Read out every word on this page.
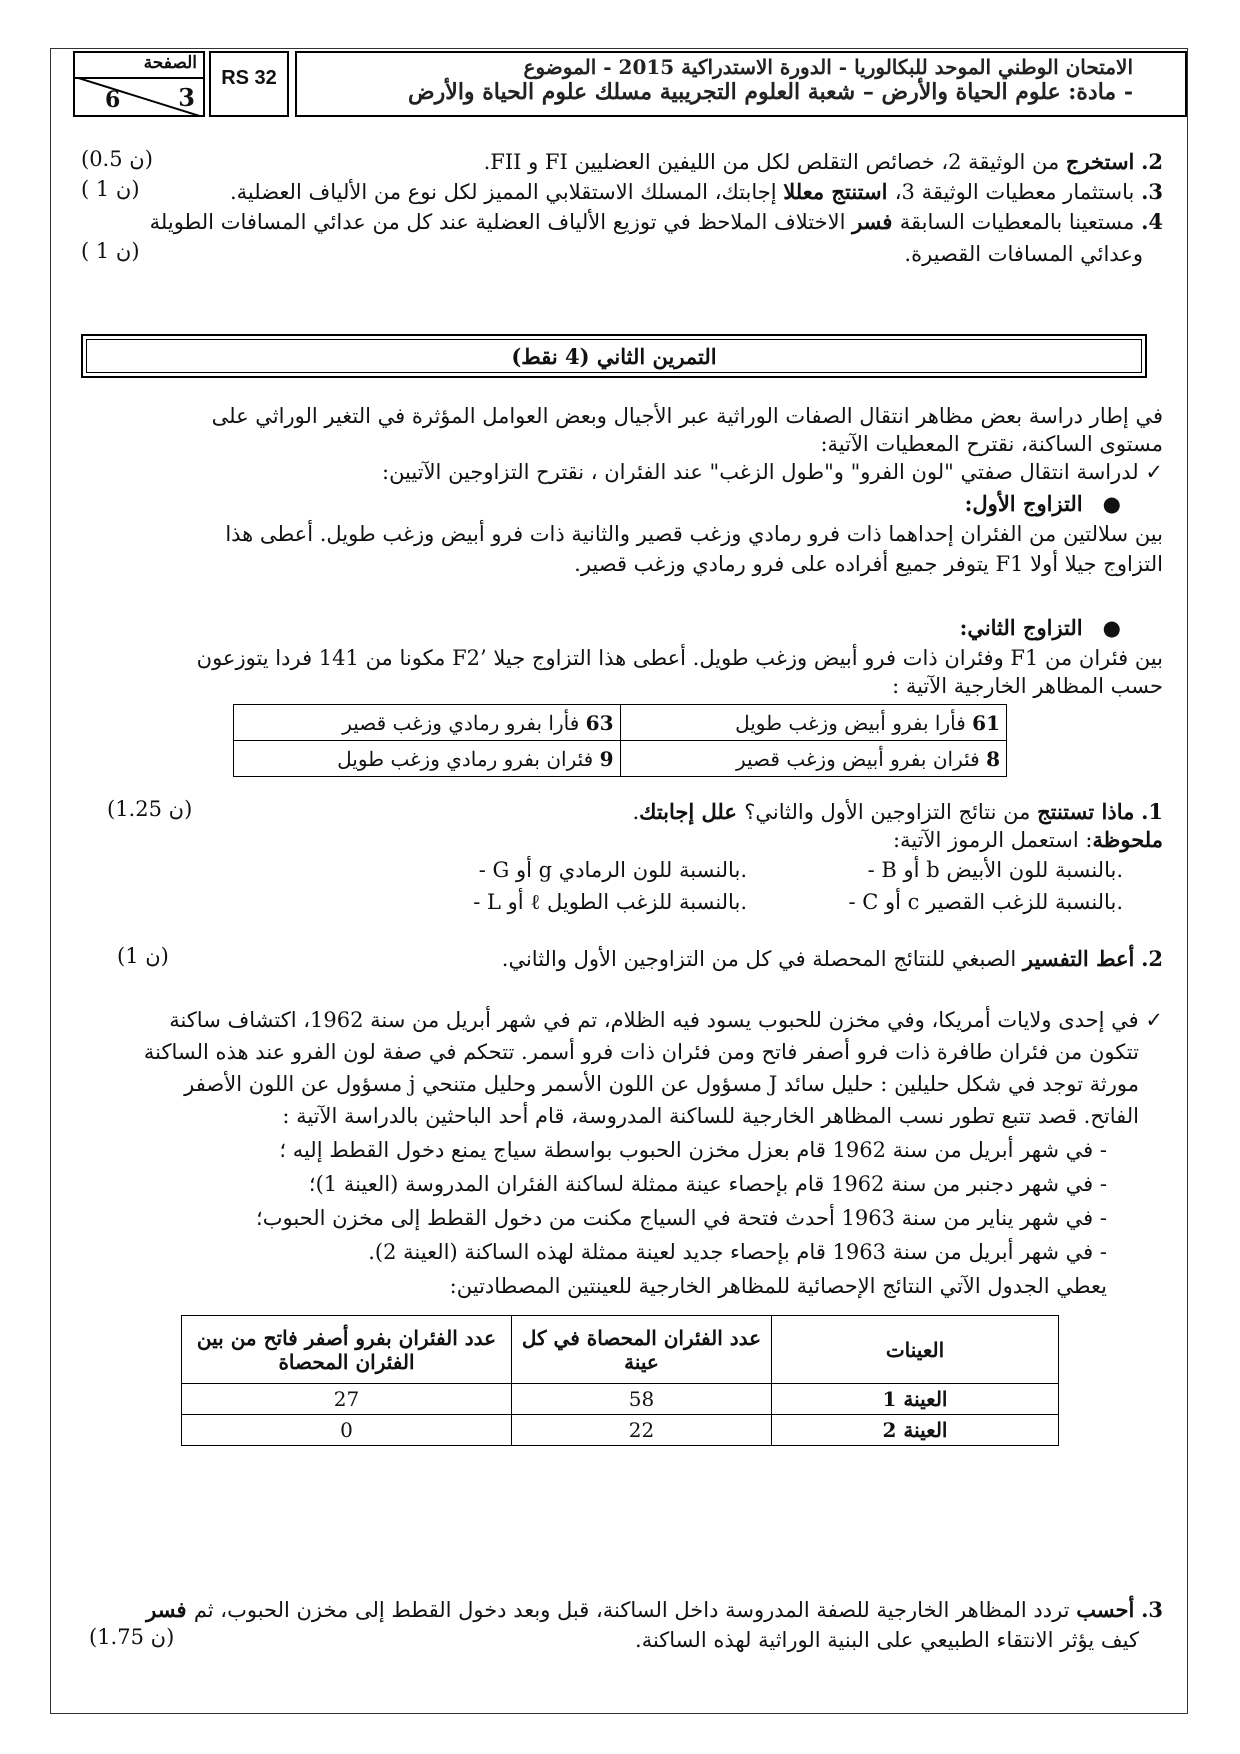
الصفحة
3
6
RS 32	الامتحان الوطني الموحد للبكالوريا - الدورة الاستدراكية 2015 - الموضوع
- مادة: علوم الحياة والأرض – شعبة العلوم التجريبية مسلك علوم الحياة والأرض
2. استخرج من الوثيقة 2، خصائص التقلص لكل من الليفين العضليين FI و FII.
(0.5 ن)
3. باستثمار معطيات الوثيقة 3، استنتج معللا إجابتك، المسلك الاستقلابي المميز لكل نوع من الألياف العضلية.
( 1 ن)
4. مستعينا بالمعطيات السابقة فسر الاختلاف الملاحظ في توزيع الألياف العضلية عند كل من عدائي المسافات الطويلة
وعدائي المسافات القصيرة.
( 1 ن)
التمرين الثاني (4 نقط)
في إطار دراسة بعض مظاهر انتقال الصفات الوراثية عبر الأجيال وبعض العوامل المؤثرة في التغير الوراثي على
مستوى الساكنة، نقترح المعطيات الآتية:
✓ لدراسة انتقال صفتي "لون الفرو" و"طول الزغب" عند الفئران ، نقترح التزاوجين الآتيين:
●   التزاوج الأول:
بين سلالتين من الفئران إحداهما ذات فرو رمادي وزغب قصير والثانية ذات فرو أبيض وزغب طويل. أعطى هذا
التزاوج جيلا أولا F1 يتوفر جميع أفراده على فرو رمادي وزغب قصير.
●   التزاوج الثاني:
بين فئران من F1 وفئران ذات فرو أبيض وزغب طويل. أعطى هذا التزاوج جيلا ’F2 مكونا من 141 فردا يتوزعون
حسب المظاهر الخارجية الآتية :
63 فأرا بفرو رمادي وزغب قصير	61 فأرا بفرو أبيض وزغب طويل
9 فئران بفرو رمادي وزغب طويل	8 فئران بفرو أبيض وزغب قصير
1. ماذا تستنتج من نتائج التزاوجين الأول والثاني؟ علل إجابتك.
(1.25 ن)
ملحوظة: استعمل الرموز الآتية:
- B أو b بالنسبة للون الأبيض.
- G أو g بالنسبة للون الرمادي.
- C أو c بالنسبة للزغب القصير.
- L أو ℓ بالنسبة للزغب الطويل.
2. أعط التفسير الصبغي للنتائج المحصلة في كل من التزاوجين الأول والثاني.
(1 ن)
✓ في إحدى ولايات أمريكا، وفي مخزن للحبوب يسود فيه الظلام، تم في شهر أبريل من سنة 1962، اكتشاف ساكنة
تتكون من فئران طافرة ذات فرو أصفر فاتح ومن فئران ذات فرو أسمر. تتحكم في صفة لون الفرو عند هذه الساكنة
مورثة توجد في شكل حليلين : حليل سائد J مسؤول عن اللون الأسمر وحليل متنحي j مسؤول عن اللون الأصفر
الفاتح. قصد تتبع تطور نسب المظاهر الخارجية للساكنة المدروسة، قام أحد الباحثين بالدراسة الآتية :
- في شهر أبريل من سنة 1962 قام بعزل مخزن الحبوب بواسطة سياج يمنع دخول القطط إليه ؛
- في شهر دجنبر من سنة 1962 قام بإحصاء عينة ممثلة لساكنة الفئران المدروسة (العينة 1)؛
- في شهر يناير من سنة 1963 أحدث فتحة في السياج مكنت من دخول القطط إلى مخزن الحبوب؛
- في شهر أبريل من سنة 1963 قام بإحصاء جديد لعينة ممثلة لهذه الساكنة (العينة 2).
يعطي الجدول الآتي النتائج الإحصائية للمظاهر الخارجية للعينتين المصطادتين:
عدد الفئران بفرو أصفر فاتح من بين الفئران المحصاة	عدد الفئران المحصاة في كل عينة	العينات
27	58	العينة 1
0	22	العينة 2
3. أحسب تردد المظاهر الخارجية للصفة المدروسة داخل الساكنة، قبل وبعد دخول القطط إلى مخزن الحبوب، ثم فسر
كيف يؤثر الانتقاء الطبيعي على البنية الوراثية لهذه الساكنة.
(1.75 ن)
